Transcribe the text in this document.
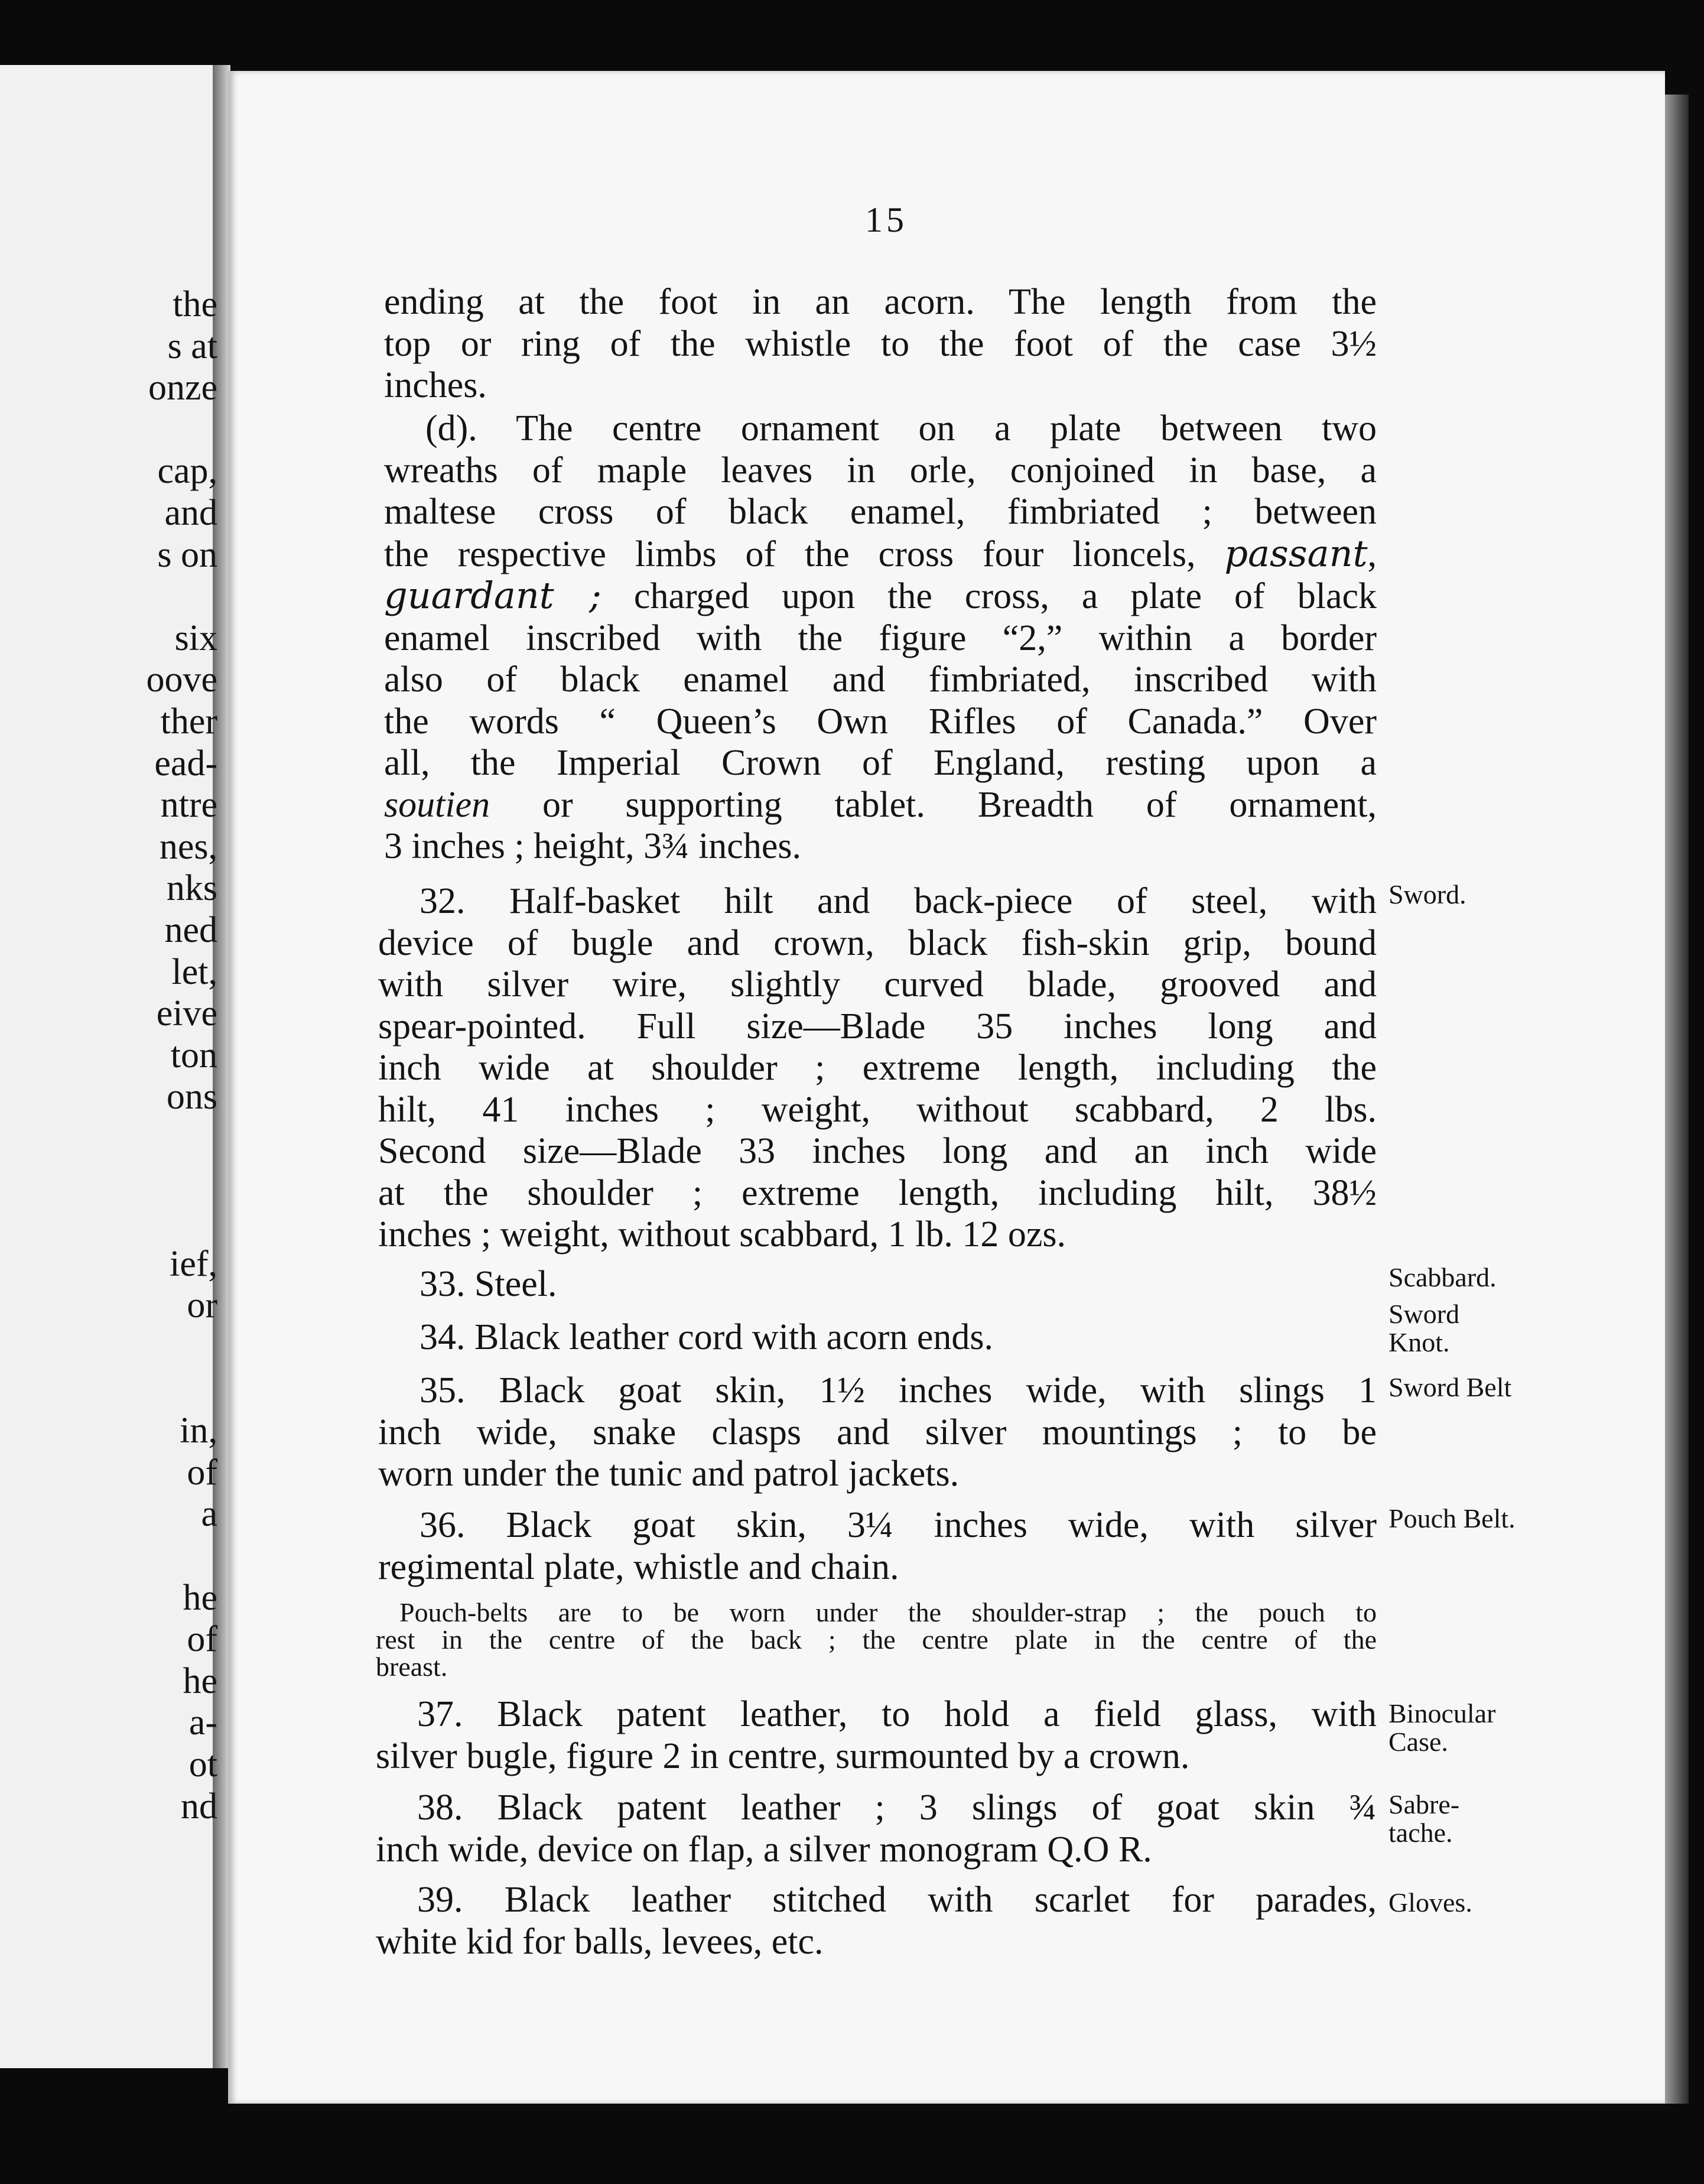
the
s at
onze
cap,
and
s on
six
oove
ther
ead-
ntre
nes,
nks
ned
let,
eive
ton
ons
ief,
or
in,
of
a
he
of
he
a-
ot
nd
15
ending at the foot in an acorn. The length from the
top or ring of the whistle to the foot of the case 3½
inches.
(d). The centre ornament on a plate between two
wreaths of maple leaves in orle, conjoined in base, a
maltese cross of black enamel, fimbriated ; between
the respective limbs of the cross four lioncels, passant,
guardant ; charged upon the cross, a plate of black
enamel inscribed with the figure “2,” within a border
also of black enamel and fimbriated, inscribed with
the words “ Queen’s Own Rifles of Canada.” Over
all, the Imperial Crown of England, resting upon a
soutien or supporting tablet. Breadth of ornament,
3 inches ; height, 3¾ inches.
32. Half-basket hilt and back-piece of steel, with
device of bugle and crown, black fish-skin grip, bound
with silver wire, slightly curved blade, grooved and
spear-pointed. Full size—Blade 35 inches long and
inch wide at shoulder ; extreme length, including the
hilt, 41 inches ; weight, without scabbard, 2 lbs.
Second size—Blade 33 inches long and an inch wide
at the shoulder ; extreme length, including hilt, 38½
inches ; weight, without scabbard, 1 lb. 12 ozs.
Sword.
33. Steel.	Scabbard.
34. Black leather cord with acorn ends.
Sword
Knot.
35. Black goat skin, 1½ inches wide, with slings 1
inch wide, snake clasps and silver mountings ; to be
worn under the tunic and patrol jackets.
Sword Belt
36. Black goat skin, 3¼ inches wide, with silver
regimental plate, whistle and chain.
Pouch Belt.
Pouch-belts are to be worn under the shoulder-strap ; the pouch to
rest in the centre of the back ; the centre plate in the centre of the
breast.
37. Black patent leather, to hold a field glass, with
silver bugle, figure 2 in centre, surmounted by a crown.
Binocular
Case.
38. Black patent leather ; 3 slings of goat skin ¾
inch wide, device on flap, a silver monogram Q.O R.
Sabre-
tache.
39. Black leather stitched with scarlet for parades,
white kid for balls, levees, etc.
Gloves.
